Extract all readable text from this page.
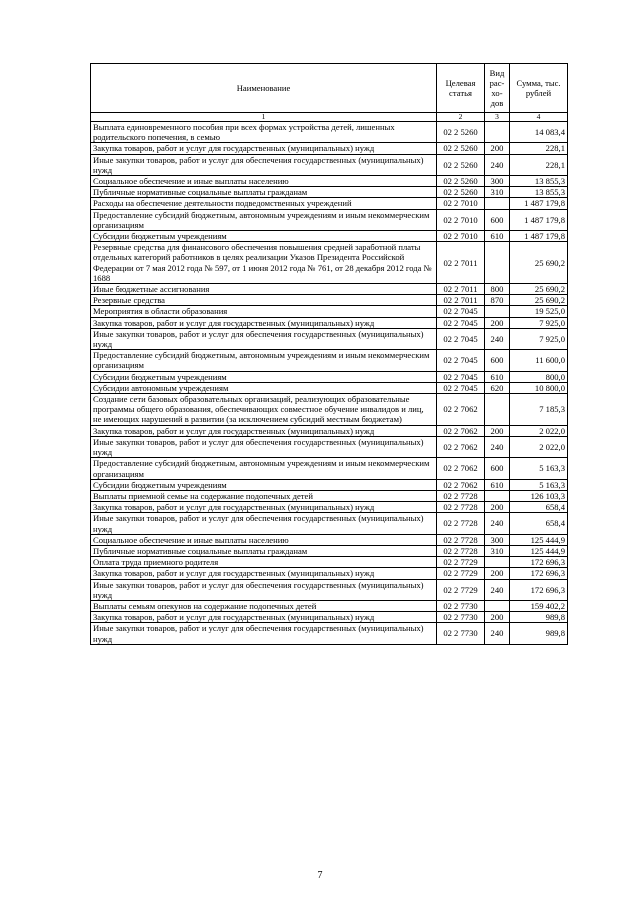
Наименование	Целевая статья	Вид рас- хо- дов	Сумма, тыс. рублей
1	2	3	4
Выплата единовременного пособия при всех формах устройства детей, лишенных родительского попечения, в семью	02 2 5260		14 083,4
Закупка товаров, работ и услуг для государственных (муниципальных) нужд	02 2 5260	200	228,1
Иные закупки товаров, работ и услуг для обеспечения государственных (муниципальных) нужд	02 2 5260	240	228,1
Социальное обеспечение и иные выплаты населению	02 2 5260	300	13 855,3
Публичные нормативные социальные выплаты гражданам	02 2 5260	310	13 855,3
Расходы на обеспечение деятельности подведомственных учреждений	02 2 7010		1 487 179,8
Предоставление субсидий бюджетным, автономным учреждениям и иным некоммерческим организациям	02 2 7010	600	1 487 179,8
Субсидии бюджетным учреждениям	02 2 7010	610	1 487 179,8
Резервные средства для финансового обеспечения повышения средней заработной платы отдельных категорий работников в целях реализации Указов Президента Российской Федерации от 7 мая 2012 года № 597, от 1 июня 2012 года № 761, от 28 декабря 2012 года № 1688	02 2 7011		25 690,2
Иные бюджетные ассигнования	02 2 7011	800	25 690,2
Резервные средства	02 2 7011	870	25 690,2
Мероприятия в области образования	02 2 7045		19 525,0
Закупка товаров, работ и услуг для государственных (муниципальных) нужд	02 2 7045	200	7 925,0
Иные закупки товаров, работ и услуг для обеспечения государственных (муниципальных) нужд	02 2 7045	240	7 925,0
Предоставление субсидий бюджетным, автономным учреждениям и иным некоммерческим организациям	02 2 7045	600	11 600,0
Субсидии бюджетным учреждениям	02 2 7045	610	800,0
Субсидии автономным учреждениям	02 2 7045	620	10 800,0
Создание сети базовых образовательных организаций, реализующих образовательные программы общего образования, обеспечивающих совместное обучение инвалидов и лиц, не имеющих нарушений в развитии (за исключением субсидий местным бюджетам)	02 2 7062		7 185,3
Закупка товаров, работ и услуг для государственных (муниципальных) нужд	02 2 7062	200	2 022,0
Иные закупки товаров, работ и услуг для обеспечения государственных (муниципальных) нужд	02 2 7062	240	2 022,0
Предоставление субсидий бюджетным, автономным учреждениям и иным некоммерческим организациям	02 2 7062	600	5 163,3
Субсидии бюджетным учреждениям	02 2 7062	610	5 163,3
Выплаты приемной семье на содержание подопечных детей	02 2 7728		126 103,3
Закупка товаров, работ и услуг для государственных (муниципальных) нужд	02 2 7728	200	658,4
Иные закупки товаров, работ и услуг для обеспечения государственных (муниципальных) нужд	02 2 7728	240	658,4
Социальное обеспечение и иные выплаты населению	02 2 7728	300	125 444,9
Публичные нормативные социальные выплаты гражданам	02 2 7728	310	125 444,9
Оплата труда приемного родителя	02 2 7729		172 696,3
Закупка товаров, работ и услуг для государственных (муниципальных) нужд	02 2 7729	200	172 696,3
Иные закупки товаров, работ и услуг для обеспечения государственных (муниципальных) нужд	02 2 7729	240	172 696,3
Выплаты семьям опекунов на содержание подопечных детей	02 2 7730		159 402,2
Закупка товаров, работ и услуг для государственных (муниципальных) нужд	02 2 7730	200	989,8
Иные закупки товаров, работ и услуг для обеспечения государственных (муниципальных) нужд	02 2 7730	240	989,8
7
